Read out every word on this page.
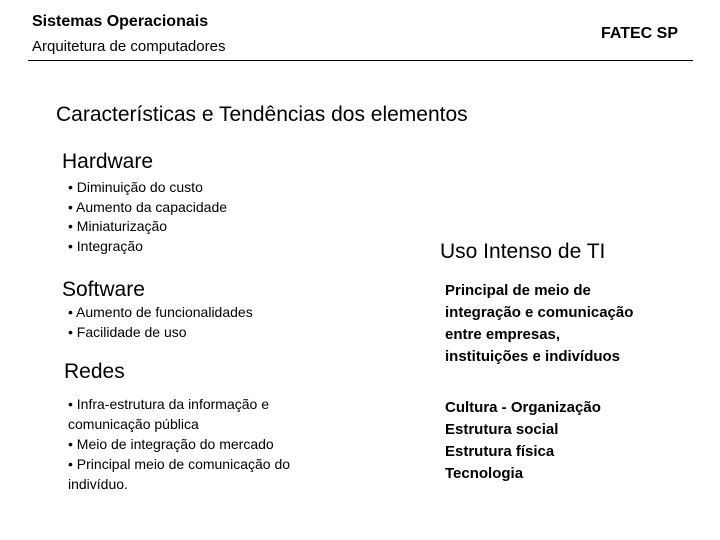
Sistemas Operacionais
Arquitetura de computadores
FATEC SP
Características e Tendências dos elementos
Hardware
• Diminuição do custo
• Aumento da capacidade
• Miniaturização
• Integração
Software
• Aumento de funcionalidades
• Facilidade de uso
Redes
• Infra-estrutura da informação e
comunicação pública
• Meio de integração do mercado
• Principal meio de comunicação do
indivíduo.
Uso Intenso de TI
Principal de meio de
integração e comunicação
entre empresas,
instituições e indivíduos
Cultura - Organização
Estrutura social
Estrutura física
Tecnologia
